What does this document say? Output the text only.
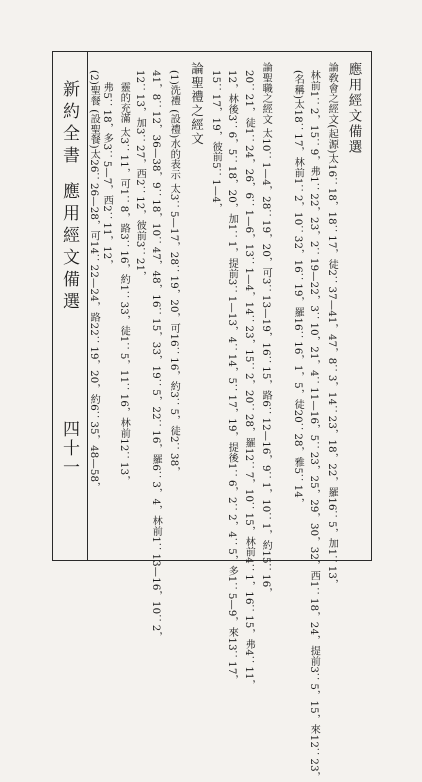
新約全書應用經文備選
四十一
應用經文備選
論敎會之經文(起源)太16：18，18：17，徒2：37—41，47，8：3，14：23，18，22，羅16：5，加1：13，
林前1：2，15：9，弗1：22，23，2：19—22，3：10，21，4：11—16，5：23，25，29，30，32，西1：18，24，提前3：5，15，來12：23，
(名稱)太18：17，林前1：2，10：32，16：19，羅16：16，1，5，徒20：28，雅5：14，
論聖職之經文 太10：1—4，28：19，20，可3：13—19，16：15，路6：12—16，9：1，10：1，約15：16，
20：21，徒1：24，26，6：1—6，13：1—4，14：23，15：2，20：28，羅12：7，10：15，林前4：1，16：15，弗4：11，
12，林後3：6，5：18，20，加1：1，提前3：1—13，4：14，5：17，19，提後1：6，2：2，4：5，多1：5—9，來13：17，
15：17，19，彼前5：1—4，
論聖禮之經文
(1)洗禮 (設禮)水的表示 太3：5—17，28：19，20，可16：16，約3：5，徒2：38，
41，8：12，36—38，9：18，10：47，48，16：15，33，19：5，22：16，羅6：3，4，林前1：13—16，10：2，
12：13，加3：27，西2：12，彼前3：21，
靈的充滿 太3：11，可1：8，路3：16，約1：33，徒1：5，11：16，林前12：13，
弗5：18，多3：5—7，西2：11，12，
(2)聖餐 (設聖餐)太26：26—28，可14：22—24，路22：19，20，約6：35，48—58，
